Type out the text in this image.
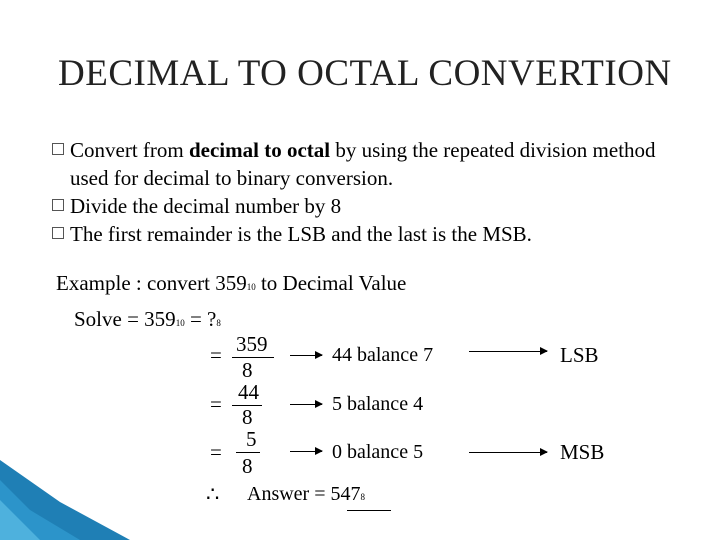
DECIMAL TO OCTAL CONVERTION
Convert from decimal to octal by using the repeated division method used for decimal to binary conversion.
Divide the decimal number by 8
The first remainder is the LSB and the last is the MSB.
Example : convert 35910 to Decimal Value
Solve = 35910 = ?8
= 359
8
44 balance 7	LSB
= 44
8
5 balance 4
=
5
8
0 balance 5	MSB
∴ Answer = 5478
